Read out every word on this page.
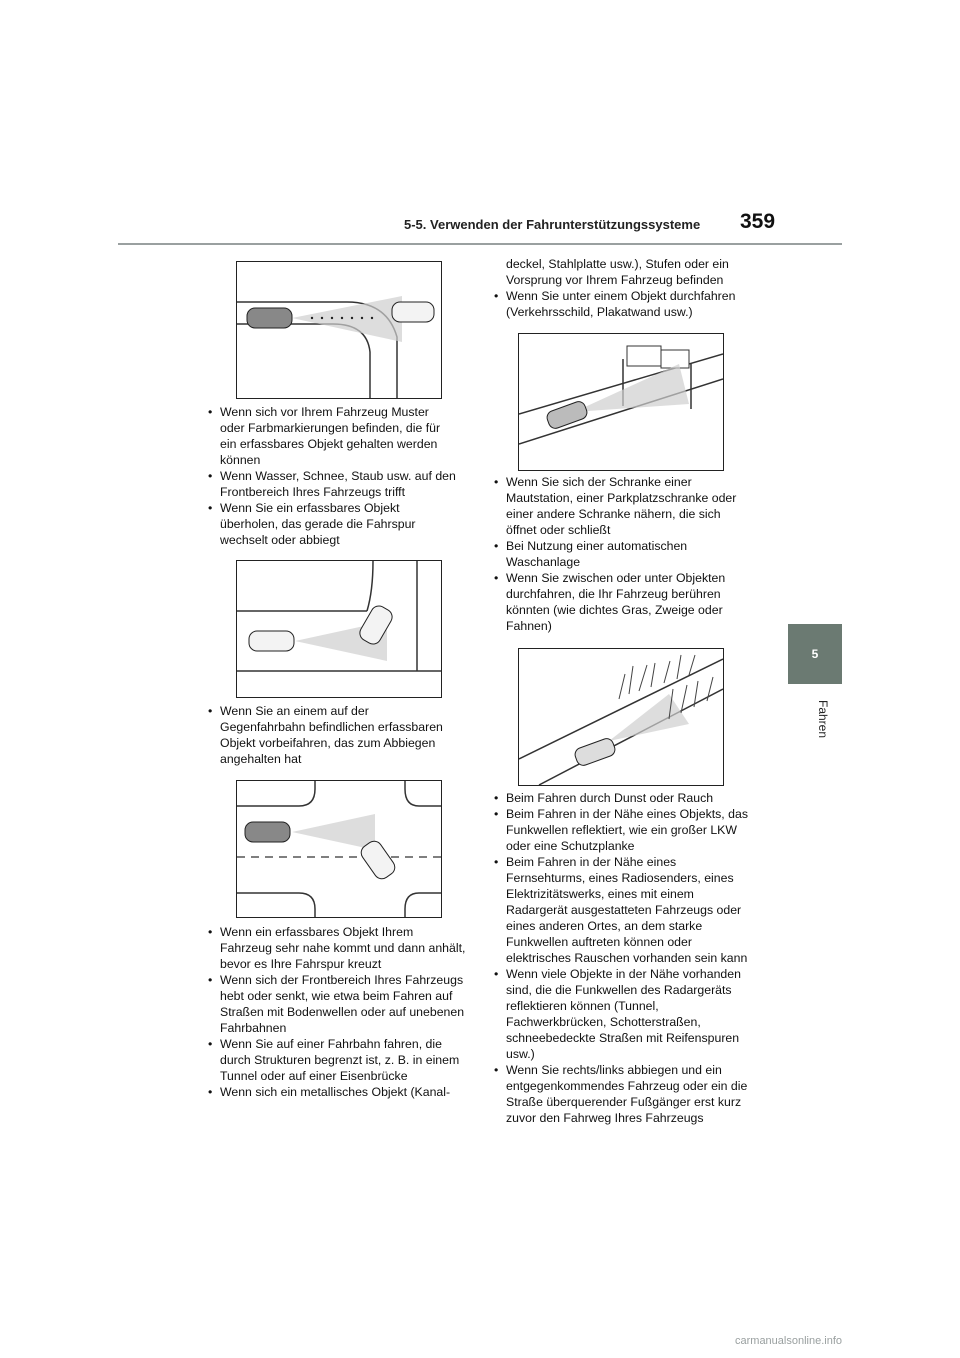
5-5. Verwenden der Fahrunterstützungssysteme 359
5
Fahren
• Wenn sich vor Ihrem Fahrzeug Muster oder Farbmarkierungen befinden, die für ein erfassbares Objekt gehalten werden können
• Wenn Wasser, Schnee, Staub usw. auf den Frontbereich Ihres Fahrzeugs trifft
• Wenn Sie ein erfassbares Objekt überholen, das gerade die Fahrspur wechselt oder abbiegt
• Wenn Sie an einem auf der Gegenfahrbahn befindlichen erfassbaren Objekt vorbeifahren, das zum Abbiegen angehalten hat
• Wenn ein erfassbares Objekt Ihrem Fahrzeug sehr nahe kommt und dann anhält, bevor es Ihre Fahrspur kreuzt
• Wenn sich der Frontbereich Ihres Fahrzeugs hebt oder senkt, wie etwa beim Fahren auf Straßen mit Bodenwellen oder auf unebenen Fahrbahnen
• Wenn Sie auf einer Fahrbahn fahren, die durch Strukturen begrenzt ist, z. B. in einem Tunnel oder auf einer Eisenbrücke
• Wenn sich ein metallisches Objekt (Kanal-
deckel, Stahlplatte usw.), Stufen oder ein Vorsprung vor Ihrem Fahrzeug befinden
• Wenn Sie unter einem Objekt durchfahren (Verkehrsschild, Plakatwand usw.)
• Wenn Sie sich der Schranke einer Mautstation, einer Parkplatzschranke oder einer andere Schranke nähern, die sich öffnet oder schließt
• Bei Nutzung einer automatischen Waschanlage
• Wenn Sie zwischen oder unter Objekten durchfahren, die Ihr Fahrzeug berühren könnten (wie dichtes Gras, Zweige oder Fahnen)
• Beim Fahren durch Dunst oder Rauch
• Beim Fahren in der Nähe eines Objekts, das Funkwellen reflektiert, wie ein großer LKW oder eine Schutzplanke
• Beim Fahren in der Nähe eines Fernsehturms, eines Radiosenders, eines Elektrizitätswerks, eines mit einem Radargerät ausgestatteten Fahrzeugs oder eines anderen Ortes, an dem starke Funkwellen auftreten können oder elektrisches Rauschen vorhanden sein kann
• Wenn viele Objekte in der Nähe vorhanden sind, die die Funkwellen des Radargeräts reflektieren können (Tunnel, Fachwerkbrücken, Schotterstraßen, schneebedeckte Straßen mit Reifenspuren usw.)
• Wenn Sie rechts/links abbiegen und ein entgegenkommendes Fahrzeug oder ein die Straße überquerender Fußgänger erst kurz zuvor den Fahrweg Ihres Fahrzeugs
carmanualsonline.info
